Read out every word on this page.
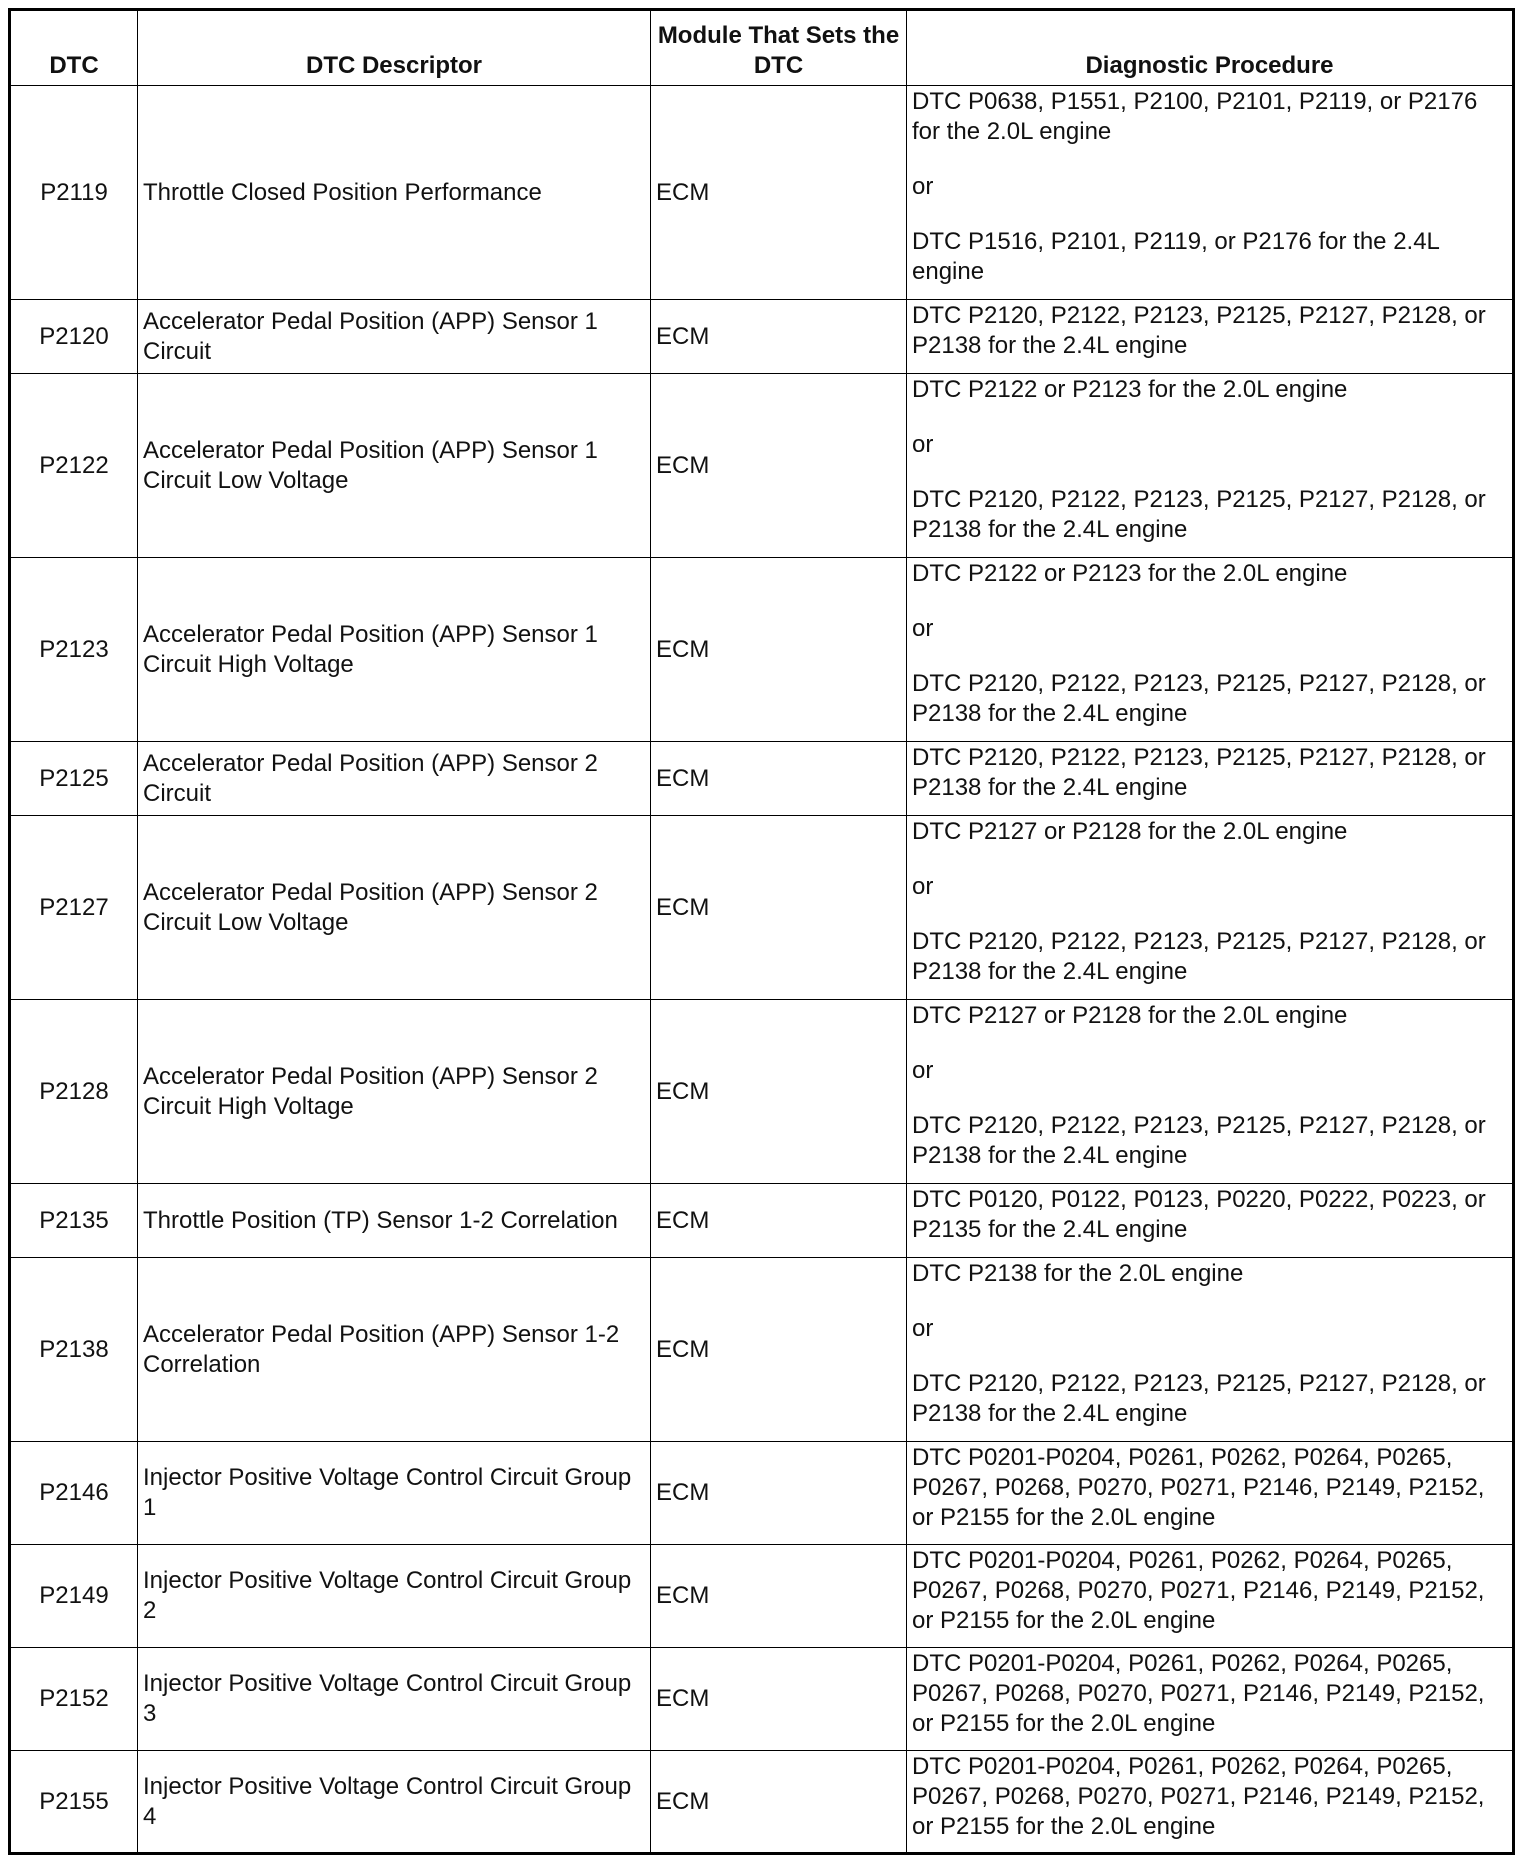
DTC	DTC Descriptor	Module That Sets the DTC	Diagnostic Procedure
P2119	Throttle Closed Position Performance	ECM	DTC P0638, P1551, P2100, P2101, P2119, or P2176 for the 2.0L engine

or

DTC P1516, P2101, P2119, or P2176 for the 2.4L engine

P2120	Accelerator Pedal Position (APP) Sensor 1 Circuit	ECM	DTC P2120, P2122, P2123, P2125, P2127, P2128, or P2138 for the 2.4L engine

P2122	Accelerator Pedal Position (APP) Sensor 1 Circuit Low Voltage	ECM	DTC P2122 or P2123 for the 2.0L engine

or

DTC P2120, P2122, P2123, P2125, P2127, P2128, or P2138 for the 2.4L engine

P2123	Accelerator Pedal Position (APP) Sensor 1 Circuit High Voltage	ECM	DTC P2122 or P2123 for the 2.0L engine

or

DTC P2120, P2122, P2123, P2125, P2127, P2128, or P2138 for the 2.4L engine

P2125	Accelerator Pedal Position (APP) Sensor 2 Circuit	ECM	DTC P2120, P2122, P2123, P2125, P2127, P2128, or P2138 for the 2.4L engine

P2127	Accelerator Pedal Position (APP) Sensor 2 Circuit Low Voltage	ECM	DTC P2127 or P2128 for the 2.0L engine

or

DTC P2120, P2122, P2123, P2125, P2127, P2128, or P2138 for the 2.4L engine

P2128	Accelerator Pedal Position (APP) Sensor 2 Circuit High Voltage	ECM	DTC P2127 or P2128 for the 2.0L engine

or

DTC P2120, P2122, P2123, P2125, P2127, P2128, or P2138 for the 2.4L engine

P2135	Throttle Position (TP) Sensor 1-2 Correlation	ECM	DTC P0120, P0122, P0123, P0220, P0222, P0223, or P2135 for the 2.4L engine

P2138	Accelerator Pedal Position (APP) Sensor 1-2 Correlation	ECM	DTC P2138 for the 2.0L engine

or

DTC P2120, P2122, P2123, P2125, P2127, P2128, or P2138 for the 2.4L engine

P2146	Injector Positive Voltage Control Circuit Group 1	ECM	DTC P0201-P0204, P0261, P0262, P0264, P0265, P0267, P0268, P0270, P0271, P2146, P2149, P2152, or P2155 for the 2.0L engine

P2149	Injector Positive Voltage Control Circuit Group 2	ECM	DTC P0201-P0204, P0261, P0262, P0264, P0265, P0267, P0268, P0270, P0271, P2146, P2149, P2152, or P2155 for the 2.0L engine

P2152	Injector Positive Voltage Control Circuit Group 3	ECM	DTC P0201-P0204, P0261, P0262, P0264, P0265, P0267, P0268, P0270, P0271, P2146, P2149, P2152, or P2155 for the 2.0L engine

P2155	Injector Positive Voltage Control Circuit Group 4	ECM	DTC P0201-P0204, P0261, P0262, P0264, P0265, P0267, P0268, P0270, P0271, P2146, P2149, P2152, or P2155 for the 2.0L engine
